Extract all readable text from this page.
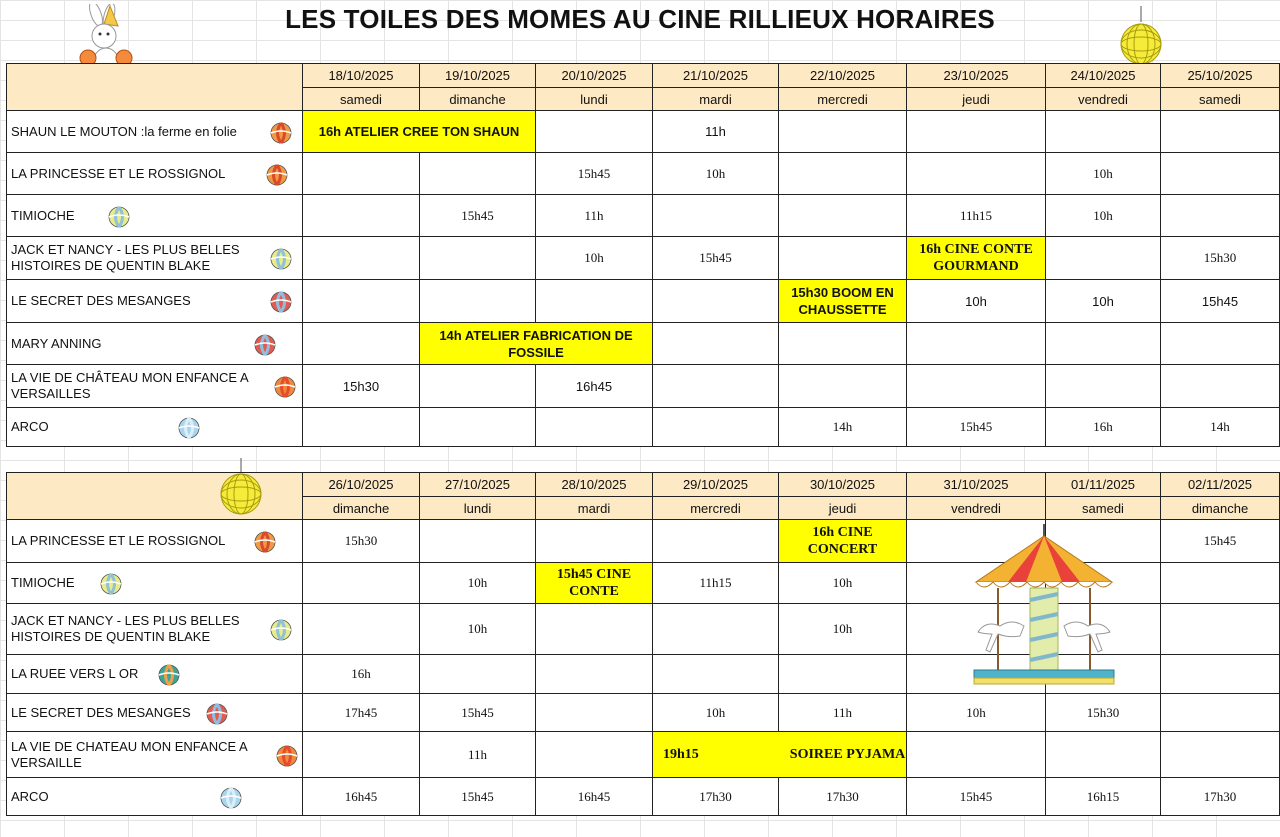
LES TOILES DES MOMES AU CINE RILLIEUX HORAIRES
	18/10/2025	19/10/2025	20/10/2025	21/10/2025	22/10/2025	23/10/2025	24/10/2025	25/10/2025
	samedi	dimanche	lundi	mardi	mercredi	jeudi	vendredi	samedi

SHAUN LE MOUTON :la ferme en folie	16h ATELIER CREE TON SHAUN			11h				

LA PRINCESSE ET LE ROSSIGNOL			15h45	10h			10h	

TIMIOCHE		15h45	11h			11h15	10h	

JACK ET NANCY - LES PLUS BELLES HISTOIRES DE QUENTIN BLAKE			10h	15h45		16h CINE CONTE GOURMAND		15h30

LE SECRET DES MESANGES					15h30 BOOM EN CHAUSSETTE	10h	10h	15h45

MARY ANNING		14h ATELIER FABRICATION DE FOSSILE						

LA VIE DE CHÂTEAU MON ENFANCE A VERSAILLES	15h30		16h45					

ARCO					14h	15h45	16h	14h
	26/10/2025	27/10/2025	28/10/2025	29/10/2025	30/10/2025	31/10/2025	01/11/2025	02/11/2025
	dimanche	lundi	mardi	mercredi	jeudi	vendredi	samedi	dimanche

LA PRINCESSE ET LE ROSSIGNOL	15h30				16h CINE CONCERT			15h45

TIMIOCHE		10h	15h45 CINE CONTE	11h15	10h			

JACK ET NANCY - LES PLUS BELLES HISTOIRES DE QUENTIN BLAKE		10h			10h			

LA RUEE VERS L OR	16h							

LE SECRET DES MESANGES	17h45	15h45		10h	11h	10h	15h30	

LA VIE DE CHATEAU MON ENFANCE A VERSAILLE		11h		19h15                          SOIREE PYJAMA				

ARCO	16h45	15h45	16h45	17h30	17h30	15h45	16h15	17h30
